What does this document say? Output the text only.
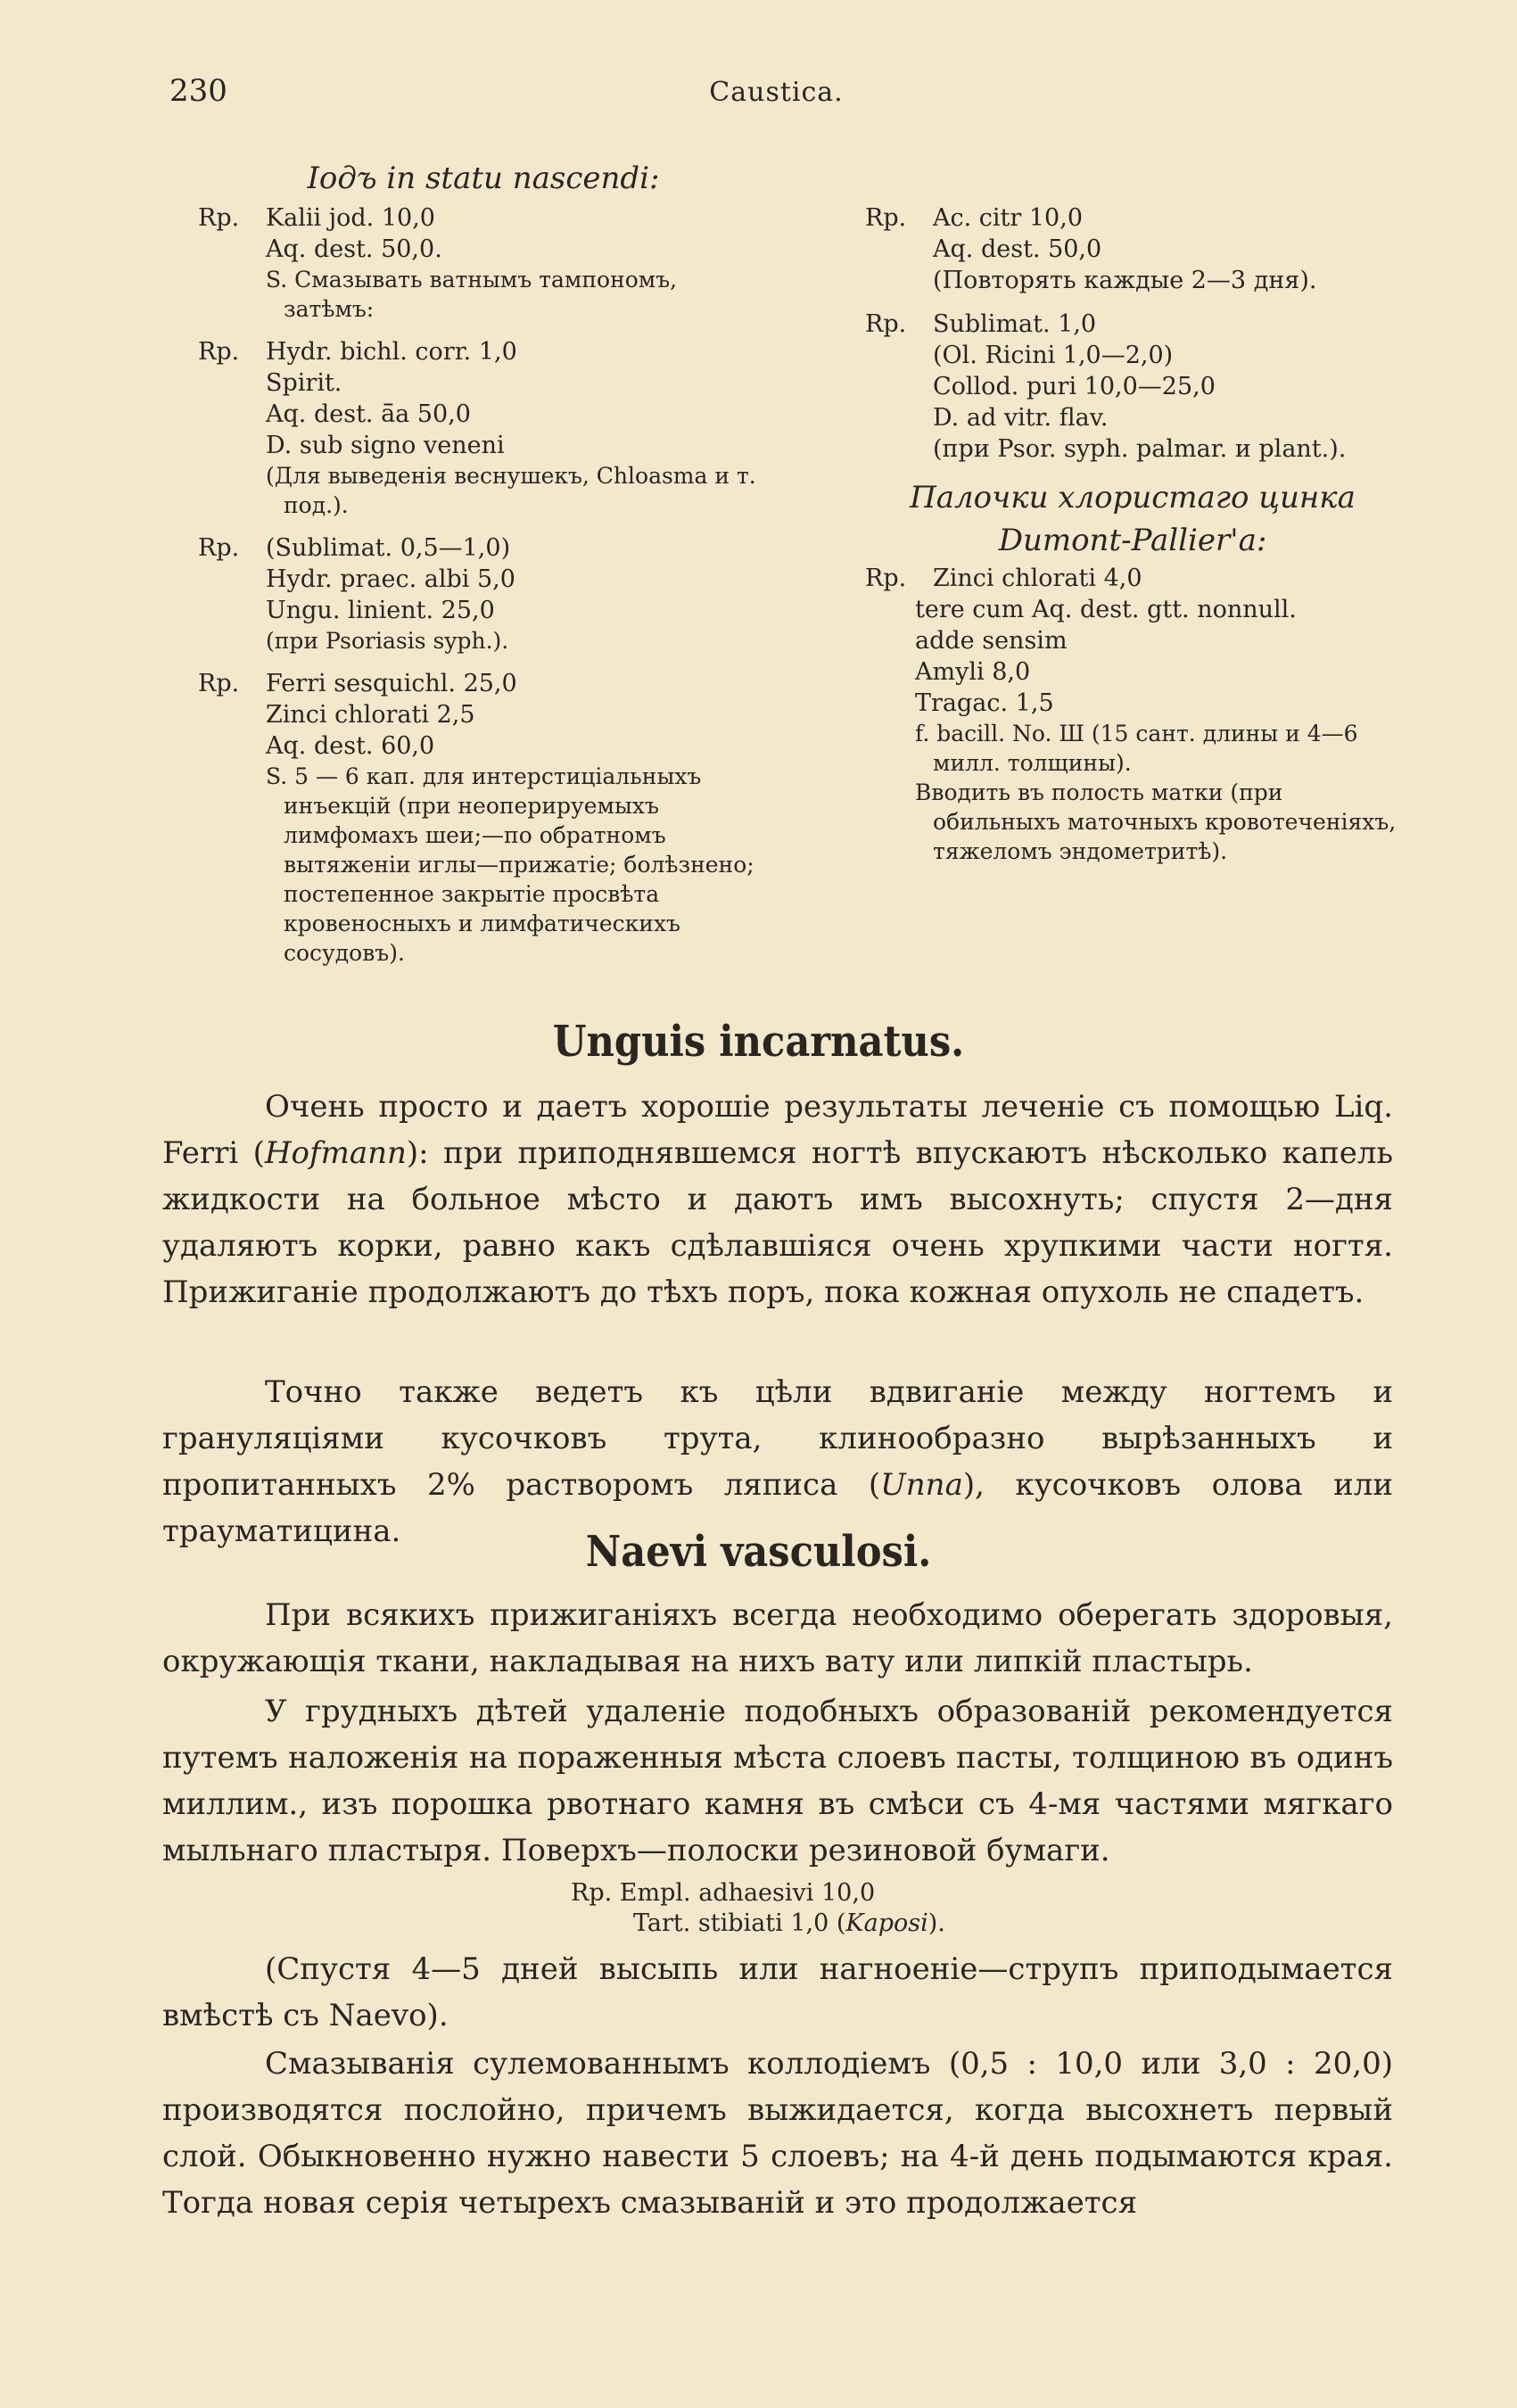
230	Caustica.
Іодъ in statu nascendi:
Rp. Kaliі jod. 10,0
Aq. dest. 50,0.
S. Смазывать ватнымъ тампономъ, затѣмъ:
Rp. Hydr. bichl. corr. 1,0
Spirit.
Aq. dest. ā̄a 50,0
D. sub signo veneni
(Для выведенія веснушекъ, Chloasma и т. под.).
Rp. (Sublimat. 0,5—1,0)
Hydr. praec. albi 5,0
Ungu. linient. 25,0
(при Psoriasis syph.).
Rp. Ferri sesquichl. 25,0
Zinci chlorati 2,5
Aq. dest. 60,0
S. 5 — 6 кап. для интерстиціальныхъ инъекцій (при неоперируемыхъ лимфомахъ шеи;—по обратномъ вытяженіи иглы—прижатіе; болѣзнено; постепенное закрытіе просвѣта кровеносныхъ и лимфатическихъ сосудовъ).
Rp. Ac. citr 10,0
Aq. dest. 50,0
(Повторять каждые 2—3 дня).
Rp. Sublimat. 1,0
(Ol. Ricini 1,0—2,0)
Collod. puri 10,0—25,0
D. ad vitr. flav.
(при Psor. syph. palmar. и plant.).
Палочки хлористаго цинка
Dumont-Pallier'а:
Rp. Zinci chlorati 4,0
tere cum Aq. dest. gtt. nonnull.
adde sensim
Amyli 8,0
Tragac. 1,5
f. bacill. No. Ш (15 сант. длины и 4—6 милл. толщины).
Вводить въ полость матки (при обильныхъ маточныхъ кровотеченіяхъ, тяжеломъ эндометритѣ).
Unguis incarnatus.
Очень просто и даетъ хорошіе результаты леченіе съ помощью Liq. Ferri (Hofmann): при приподнявшемся ногтѣ впускаютъ нѣсколько капель жидкости на больное мѣсто и даютъ имъ высохнуть; спустя 2—дня удаляютъ корки, равно какъ сдѣлавшіяся очень хрупкими части ногтя. Прижиганіе продолжаютъ до тѣхъ поръ, пока кожная опухоль не спадетъ.
Точно также ведетъ къ цѣли вдвиганіе между ногтемъ и грануляціями кусочковъ трута, клинообразно вырѣзанныхъ и пропитанныхъ 2% растворомъ ляписа (Unna), кусочковъ олова или траумaтицина.	Naevi vasculosi.
При всякихъ прижиганіяхъ всегда необходимо оберегать здоровыя, окружающія ткани, накладывая на нихъ вату или липкій пластырь.
У грудныхъ дѣтей удаленіе подобныхъ образованій рекомендуется путемъ наложенія на пораженныя мѣста слоевъ пасты, толщиною въ одинъ миллим., изъ порошка рвотнаго камня въ смѣси съ 4-мя частями мягкаго мыльнаго пластыря. Поверхъ—полоски резиновой бумаги.
Rp. Empl. adhaesivi 10,0
Tart. stibiati 1,0 (Kaposi).
(Спустя 4—5 дней высыпь или нагноеніе—струпъ приподымается вмѣстѣ съ Naevo).
Смазыванія сулемованнымъ коллодіемъ (0,5 : 10,0 или 3,0 : 20,0) производятся послойно, причемъ выжидается, когда высохнетъ первый слой. Обыкновенно нужно навести 5 слоевъ; на 4-й день подымаются края. Тогда новая серія четырехъ смазываній и это продолжается
